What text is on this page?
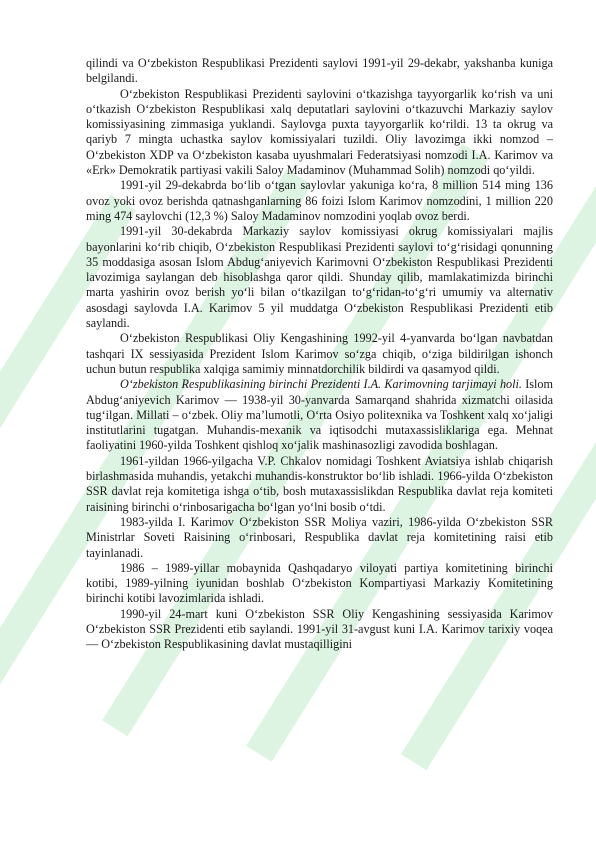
qilindi va O‘zbekiston Respublikasi Prezidenti saylovi 1991-yil 29-dekabr, yakshanba kuniga belgilandi.

O‘zbekiston Respublikasi Prezidenti saylovini o‘tkazishga tayyorgarlik ko‘rish va uni o‘tkazish O‘zbekiston Respublikasi xalq deputatlari saylovini o‘tkazuvchi Markaziy saylov komissiyasining zimmasiga yuklandi. Saylovga puxta tayyorgarlik ko‘rildi. 13 ta okrug va qariyb 7 mingta uchastka saylov komissiyalari tuzildi. Oliy lavozimga ikki nomzod – O‘zbekiston XDP va O‘zbekiston kasaba uyushmalari Federatsiyasi nomzodi I.A. Karimov va «Erk» Demokratik partiyasi vakili Saloy Madaminov (Muhammad Solih) nomzodi qo‘yildi.

1991-yil 29-dekabrda bo‘lib o‘tgan saylovlar yakuniga ko‘ra, 8 million 514 ming 136 ovoz yoki ovoz berishda qatnashganlarning 86 foizi Islom Karimov nomzodini, 1 million 220 ming 474 saylovchi (12,3 %) Saloy Madaminov nomzodini yoqlab ovoz berdi.

1991-yil 30-dekabrda Markaziy saylov komissiyasi okrug komissiyalari majlis bayonlarini ko‘rib chiqib, O‘zbekiston Respublikasi Prezidenti saylovi to‘g‘risidagi qonunning 35 moddasiga asosan Islom Abdug‘aniyevich Karimovni O‘zbekiston Respublikasi Prezidenti lavozimiga saylangan deb hisoblashga qaror qildi. Shunday qilib, mamlakatimizda birinchi marta yashirin ovoz berish yo‘li bilan o‘tkazilgan to‘g‘ridan-to‘g‘ri umumiy va alternativ asosdagi saylovda I.A. Karimov 5 yil muddatga O‘zbekiston Respublikasi Prezidenti etib saylandi.

O‘zbekiston Respublikasi Oliy Kengashining 1992-yil 4-yanvarda bo‘lgan navbatdan tashqari IX sessiyasida Prezident Islom Karimov so‘zga chiqib, o‘ziga bildirilgan ishonch uchun butun respublika xalqiga samimiy minnatdorchilik bildirdi va qasamyod qildi.

O‘zbekiston Respublikasining birinchi Prezidenti I.A. Karimovning tarjimayi holi. Islom Abdug‘aniyevich Karimov — 1938-yil 30-yanvarda Samarqand shahrida xizmatchi oilasida tug‘ilgan. Millati – o‘zbek. Oliy ma’lumotli, O‘rta Osiyo politexnika va Toshkent xalq xo‘jaligi institutlarini tugatgan. Muhandis-mexanik va iqtisodchi mutaxassisliklariga ega. Mehnat faoliyatini 1960-yilda Toshkent qishloq xo‘jalik mashinasozligi zavodida boshlagan.

1961-yildan 1966-yilgacha V.P. Chkalov nomidagi Toshkent Aviatsiya ishlab chiqarish birlashmasida muhandis, yetakchi muhandis-konstruktor bo‘lib ishladi. 1966-yilda O‘zbekiston SSR davlat reja komitetiga ishga o‘tib, bosh mutaxassislikdan Respublika davlat reja komiteti raisining birinchi o‘rinbosarigacha bo‘lgan yo‘lni bosib o‘tdi.

1983-yilda I. Karimov O‘zbekiston SSR Moliya vaziri, 1986-yilda O‘zbekiston SSR Ministrlar Soveti Raisining o‘rinbosari, Respublika davlat reja komitetining raisi etib tayinlanadi.

1986 – 1989-yillar mobaynida Qashqadaryo viloyati partiya komitetining birinchi kotibi, 1989-yilning iyunidan boshlab O‘zbekiston Kompartiyasi Markaziy Komitetining birinchi kotibi lavozimlarida ishladi.

1990-yil 24-mart kuni O‘zbekiston SSR Oliy Kengashining sessiyasida Karimov O‘zbekiston SSR Prezidenti etib saylandi. 1991-yil 31-avgust kuni I.A. Karimov tarixiy voqea — O‘zbekiston Respublikasining davlat mustaqilligini
